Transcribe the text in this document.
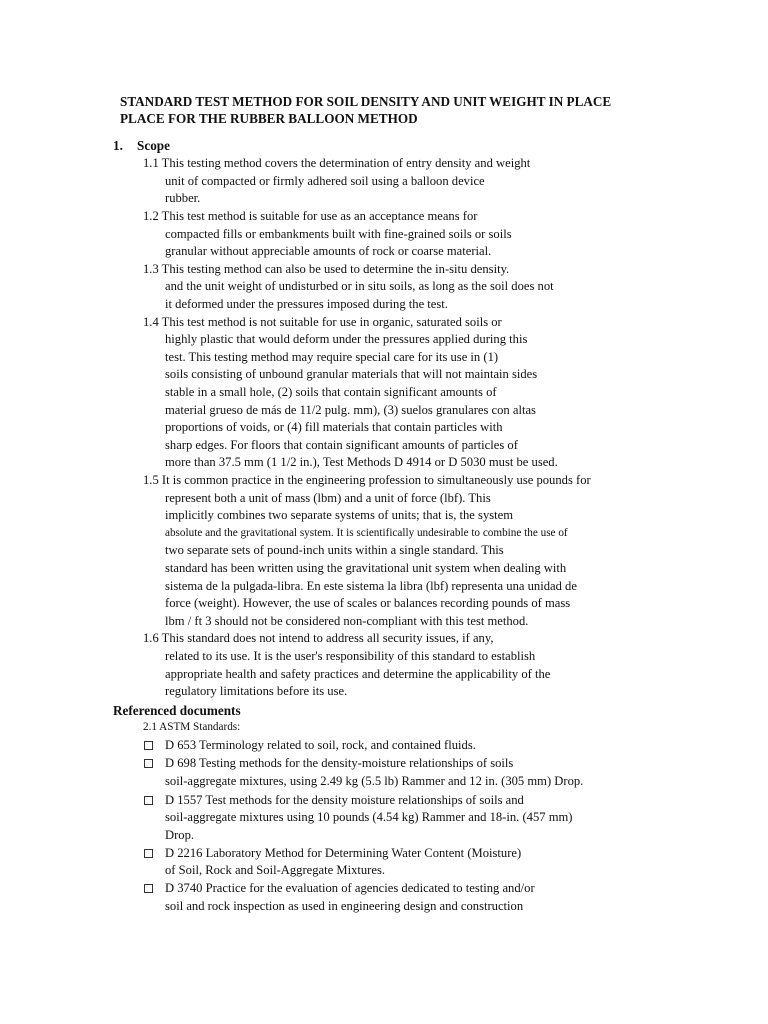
STANDARD TEST METHOD FOR SOIL DENSITY AND UNIT WEIGHT IN PLACE
PLACE FOR THE RUBBER BALLOON METHOD
1. Scope
1.1 This testing method covers the determination of entry density and weight
unit of compacted or firmly adhered soil using a balloon device
rubber.
1.2 This test method is suitable for use as an acceptance means for
compacted fills or embankments built with fine-grained soils or soils
granular without appreciable amounts of rock or coarse material.
1.3 This testing method can also be used to determine the in-situ density.
and the unit weight of undisturbed or in situ soils, as long as the soil does not
it deformed under the pressures imposed during the test.
1.4 This test method is not suitable for use in organic, saturated soils or
highly plastic that would deform under the pressures applied during this
test. This testing method may require special care for its use in (1)
soils consisting of unbound granular materials that will not maintain sides
stable in a small hole, (2) soils that contain significant amounts of
material grueso de más de 11/2 pulg. mm), (3) suelos granulares con altas
proportions of voids, or (4) fill materials that contain particles with
sharp edges. For floors that contain significant amounts of particles of
more than 37.5 mm (1 1/2 in.), Test Methods D 4914 or D 5030 must be used.
1.5 It is common practice in the engineering profession to simultaneously use pounds for
represent both a unit of mass (lbm) and a unit of force (lbf). This
implicitly combines two separate systems of units; that is, the system
absolute and the gravitational system. It is scientifically undesirable to combine the use of
two separate sets of pound-inch units within a single standard. This
standard has been written using the gravitational unit system when dealing with
sistema de la pulgada-libra. En este sistema la libra (lbf) representa una unidad de
force (weight). However, the use of scales or balances recording pounds of mass
lbm / ft 3 should not be considered non-compliant with this test method.
1.6 This standard does not intend to address all security issues, if any,
related to its use. It is the user's responsibility of this standard to establish
appropriate health and safety practices and determine the applicability of the
regulatory limitations before its use.
Referenced documents
2.1 ASTM Standards:
D 653 Terminology related to soil, rock, and contained fluids.
D 698 Testing methods for the density-moisture relationships of soils
soil-aggregate mixtures, using 2.49 kg (5.5 lb) Rammer and 12 in. (305 mm) Drop.
D 1557 Test methods for the density moisture relationships of soils and
soil-aggregate mixtures using 10 pounds (4.54 kg) Rammer and 18-in. (457 mm)
Drop.
D 2216 Laboratory Method for Determining Water Content (Moisture)
of Soil, Rock and Soil-Aggregate Mixtures.
D 3740 Practice for the evaluation of agencies dedicated to testing and/or
soil and rock inspection as used in engineering design and construction
